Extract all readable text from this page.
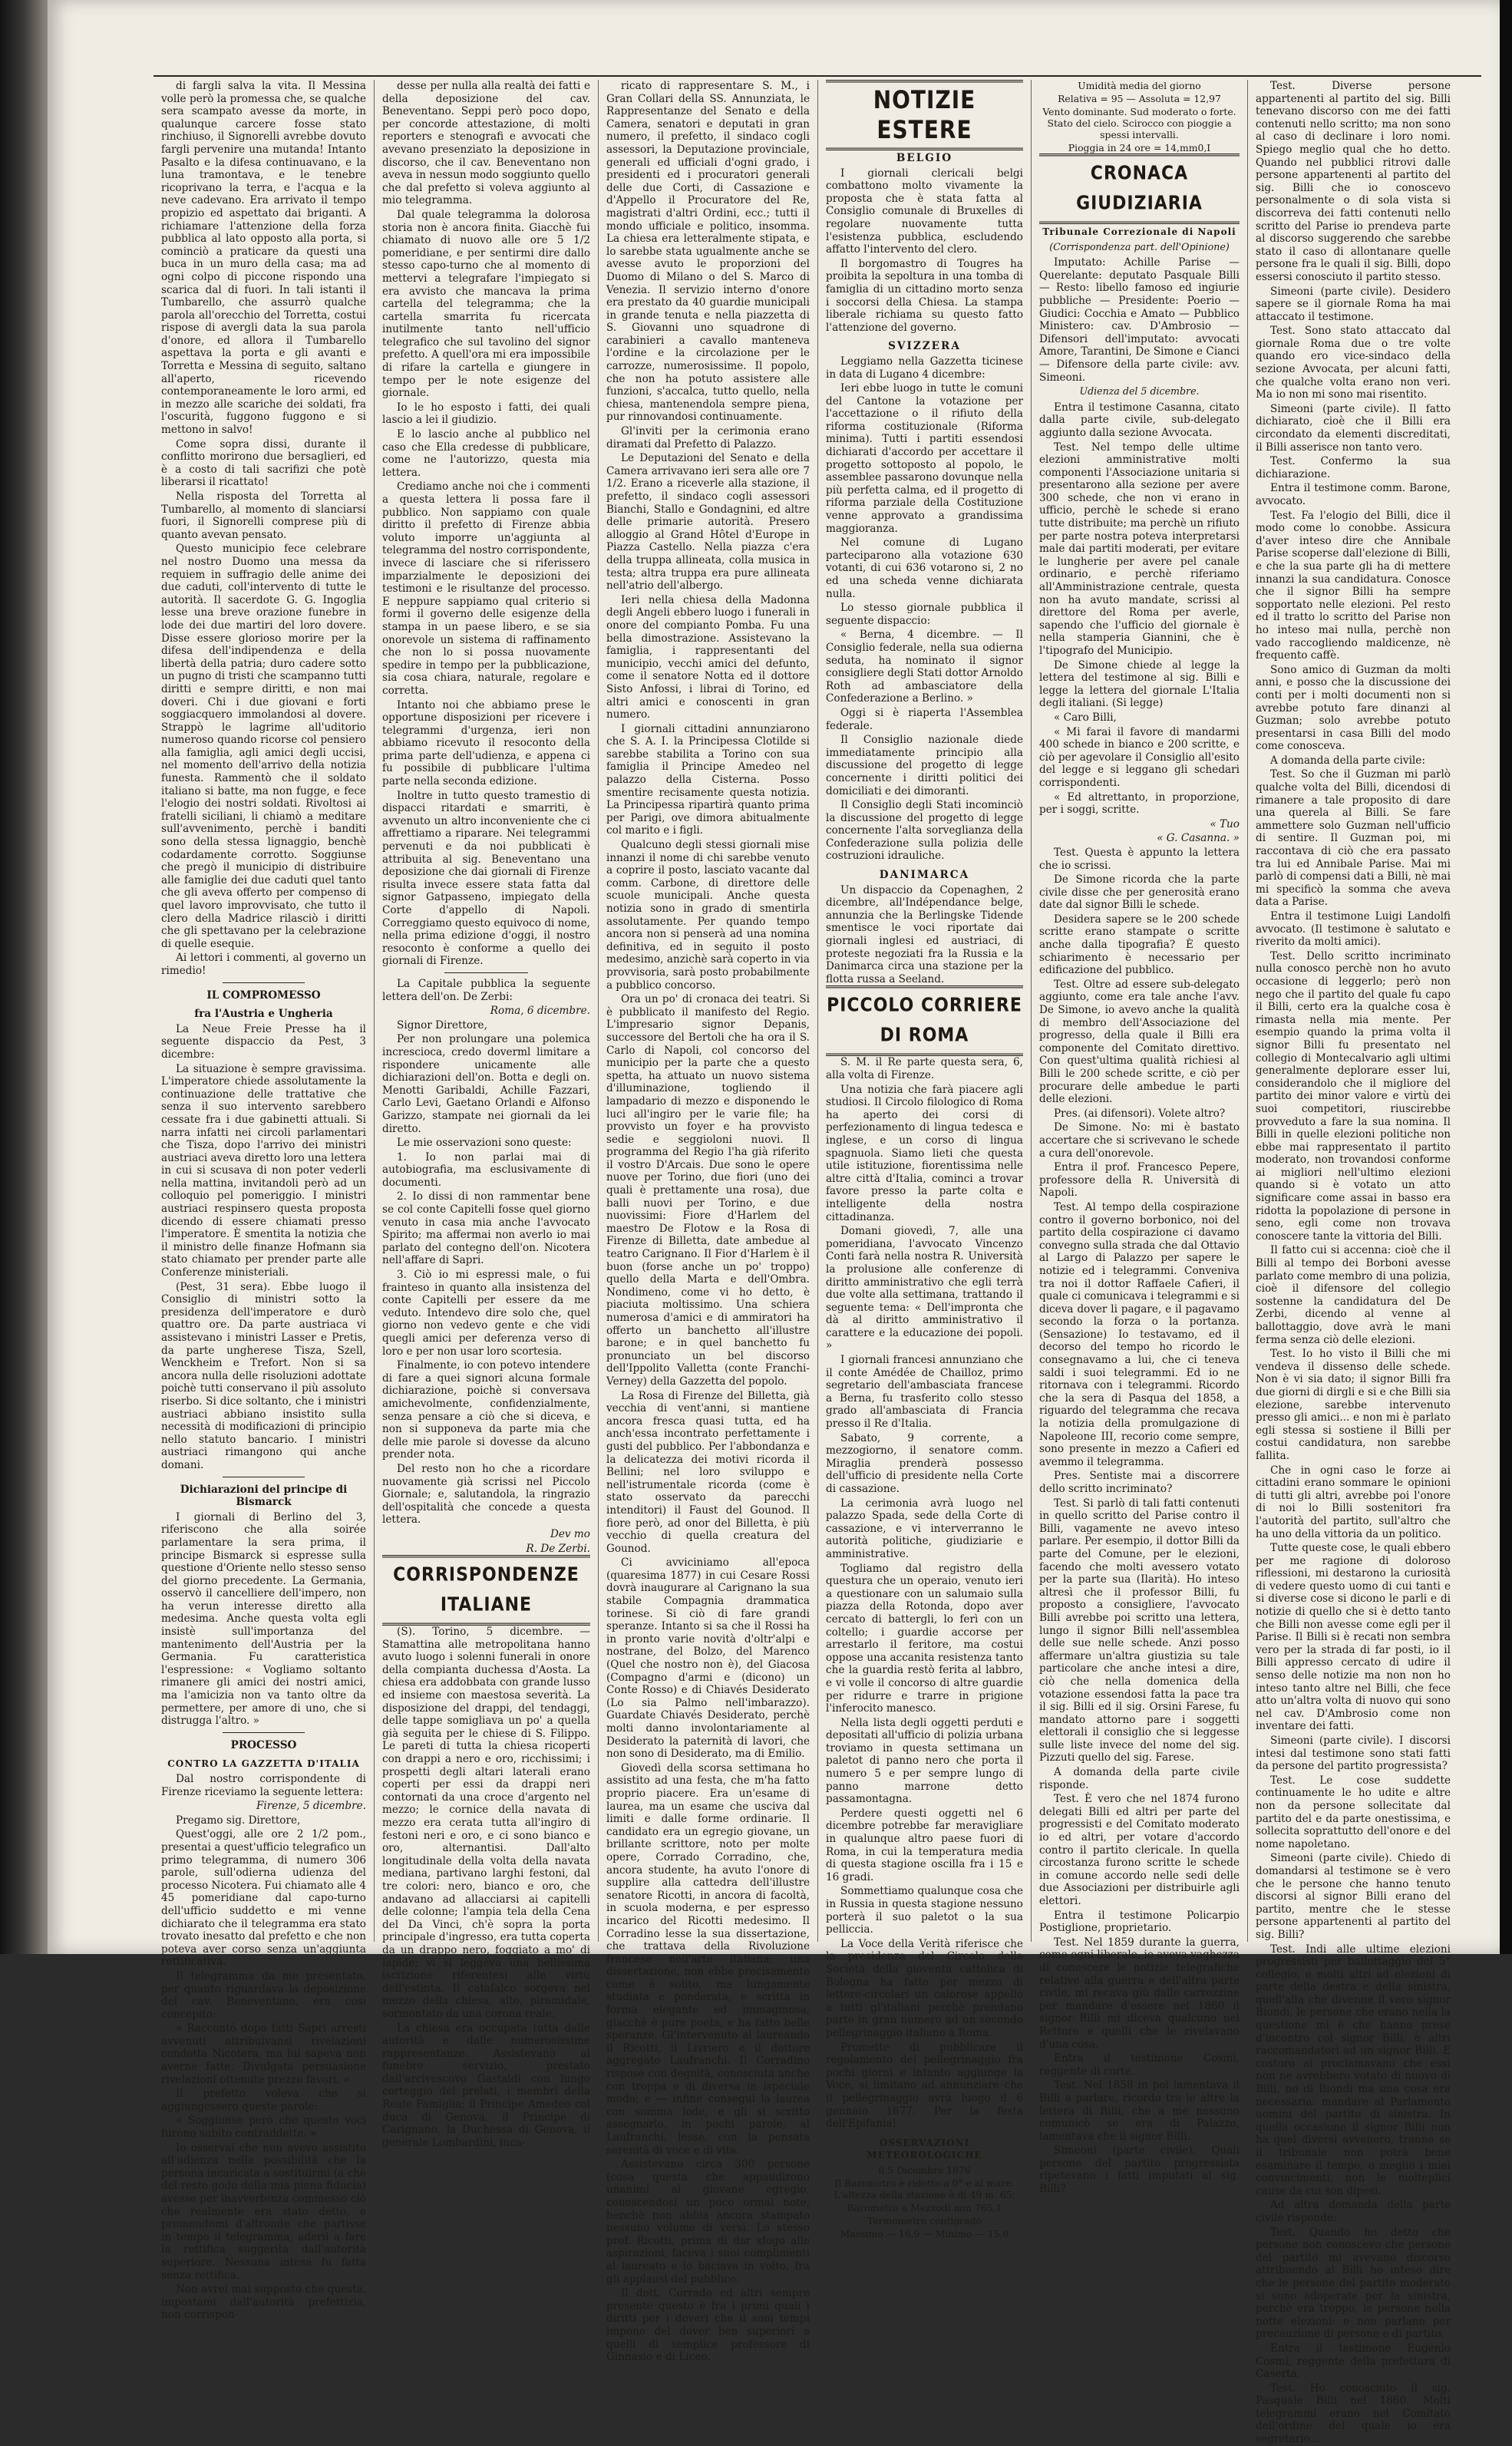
di fargli salva la vita. Il Messina volle però la promessa che, se qualche sera scampato avesse da morte, in qualunque carcere fosse stato rinchiuso, il Signorelli avrebbe dovuto fargli pervenire una mutanda! Intanto Pasalto e la difesa continuavano, e la luna tramontava, e le tenebre ricoprivano la terra, e l'acqua e la neve cadevano. Era arrivato il tempo propizio ed aspettato dai briganti. A richiamare l'attenzione della forza pubblica al lato opposto alla porta, si cominciò a praticare da questi una buca in un muro della casa; ma ad ogni colpo di piccone rispondo una scarica dal di fuori. In tali istanti il Tumbarello, che assurrò qualche parola all'orecchio del Torretta, costui rispose di avergli data la sua parola d'onore, ed allora il Tumbarello aspettava la porta e gli avanti e Torretta e Messina di seguito, saltano all'aperto, ricevendo contemporaneamente le loro armi, ed in mezzo alle scariche dei soldati, fra l'oscurità, fuggono fuggono e si mettono in salvo!

Come sopra dissi, durante il conflitto morirono due bersaglieri, ed è a costo di tali sacrifizi che potè liberarsi il ricattato!

Nella risposta del Torretta al Tumbarello, al momento di slanciarsi fuori, il Signorelli comprese più di quanto avevan pensato.

Questo municipio fece celebrare nel nostro Duomo una messa da requiem in suffragio delle anime dei due caduti, coll'intervento di tutte le autorità. Il sacerdote G. G. Ingoglia lesse una breve orazione funebre in lode dei due martiri del loro dovere. Disse essere glorioso morire per la difesa dell'indipendenza e della libertà della patria; duro cadere sotto un pugno di tristi che scampanno tutti diritti e sempre diritti, e non mai doveri. Chi i due giovani e forti soggiacquero immolandosi al dovere. Strappò le lagrime all'uditorio numeroso quando ricorse col pensiero alla famiglia, agli amici degli uccisi, nel momento dell'arrivo della notizia funesta. Rammentò che il soldato italiano si batte, ma non fugge, e fece l'elogio dei nostri soldati. Rivoltosi ai fratelli siciliani, li chiamò a meditare sull'avvenimento, perchè i banditi sono della stessa lignaggio, benchè codardamente corrotto. Soggiunse che pregò il municipio di distribuire alle famiglie dei due caduti quel tanto che gli aveva offerto per compenso di quel lavoro improvvisato, che tutto il clero della Madrice rilasciò i diritti che gli spettavano per la celebrazione di quelle esequie.

Ai lettori i commenti, al governo un rimedio!

IL COMPROMESSO
fra l'Austria e Ungheria

La Neue Freie Presse ha il seguente dispaccio da Pest, 3 dicembre:

La situazione è sempre gravissima. L'imperatore chiede assolutamente la continuazione delle trattative che senza il suo intervento sarebbero cessate fra i due gabinetti attuali. Si narra infatti nei circoli parlamentari che Tisza, dopo l'arrivo dei ministri austriaci aveva diretto loro una lettera in cui si scusava di non poter vederli nella mattina, invitandoli però ad un colloquio pel pomeriggio. I ministri austriaci respinsero questa proposta dicendo di essere chiamati presso l'imperatore. È smentita la notizia che il ministro delle finanze Hofmann sia stato chiamato per prender parte alle Conferenze ministeriali.

(Pest, 31 sera). Ebbe luogo il Consiglio di ministri sotto la presidenza dell'imperatore e durò quattro ore. Da parte austriaca vi assistevano i ministri Lasser e Pretis, da parte ungherese Tisza, Szell, Wenckheim e Trefort. Non si sa ancora nulla delle risoluzioni adottate poichè tutti conservano il più assoluto riserbo. Si dice soltanto, che i ministri austriaci abbiano insistito sulla necessità di modificazioni di principio nello statuto bancario. I ministri austriaci rimangono qui anche domani.

Dichiarazioni del principe di Bismarck

I giornali di Berlino del 3, riferiscono che alla soirée parlamentare la sera prima, il principe Bismarck si espresse sulla questione d'Oriente nello stesso senso del giorno precedente. La Germania, osservò il cancelliere dell'impero, non ha verun interesse diretto alla medesima. Anche questa volta egli insistè sull'importanza del mantenimento dell'Austria per la Germania. Fu caratteristica l'espressione: « Vogliamo soltanto rimanere gli amici dei nostri amici, ma l'amicizia non va tanto oltre da permettere, per amore di uno, che si distrugga l'altro. »

PROCESSO
CONTRO LA GAZZETTA D'ITALIA

Dal nostro corrispondente di Firenze riceviamo la seguente lettera:

Firenze, 5 dicembre.

Pregamo sig. Direttore,

Quest'oggi, alle ore 2 1/2 pom., presentai a quest'ufficio telegrafico un primo telegramma, di numero 306 parole, sull'odierna udienza del processo Nicotera. Fui chiamato alle 4 45 pomeridiane dal capo-turno dell'ufficio suddetto e mi venne dichiarato che il telegramma era stato trovato inesatto dal prefetto e che non poteva aver corso senza un'aggiunta rettificativa.

Il telegramma da me presentato, per quanto riguardava la deposizione del cav. Beneventano, era così concepito:

« Raccontò dopo fatti Sapri arresti avvenuti attribuivansi rivelazioni condotta Nicotera, ma lui sapeva non averne fatte. Divulgata persuasione rivelazioni ottenute prezzo favori. »

Il prefetto voleva che si aggiungessero queste parole:

« Soggiunse però che questo voci furono subito contraddette. »

Io osservai che non avevo assistito all'udienza nella possibilità che la persona incaricata a sostituirmi (a chè del resto godo della mia piena fiducia) avesse per inavvertenza commesso ciò che realmente era stato detto, e premendomi d'altronde che partisse in tempo il telegramma, aderii a fare la rettifica suggerita dall'autorità superiore. Nessuna intesa fu fatta senza rettifica.

Non avrei mai supposto che questa, impostami dall'autorità prefettizia, non corrispon-

desse per nulla alla realtà dei fatti e della deposizione del cav. Beneventano. Seppi però poco dopo, per concorde attestazione, di molti reporters e stenografi e avvocati che avevano presenziato la deposizione in discorso, che il cav. Beneventano non aveva in nessun modo soggiunto quello che dal prefetto si voleva aggiunto al mio telegramma.

Dal quale telegramma la dolorosa storia non è ancora finita. Giacchè fui chiamato di nuovo alle ore 5 1/2 pomeridiane, e per sentirmi dire dallo stesso capo-turno che al momento di mettervi a telegrafare l'impiegato si era avvisto che mancava la prima cartella del telegramma; che la cartella smarrita fu ricercata inutilmente tanto nell'ufficio telegrafico che sul tavolino del signor prefetto. A quell'ora mi era impossibile di rifare la cartella e giungere in tempo per le note esigenze del giornale.

Io le ho esposto i fatti, dei quali lascio a lei il giudizio.

E lo lascio anche al pubblico nel caso che Ella credesse di pubblicare, come ne l'autorizzo, questa mia lettera.

Crediamo anche noi che i commenti a questa lettera li possa fare il pubblico. Non sappiamo con quale diritto il prefetto di Firenze abbia voluto imporre un'aggiunta al telegramma del nostro corrispondente, invece di lasciare che si riferissero imparzialmente le deposizioni dei testimoni e le risultanze del processo. E neppure sappiamo qual criterio si formi il governo delle esigenze della stampa in un paese libero, e se sia onorevole un sistema di raffinamento che non lo si possa nuovamente spedire in tempo per la pubblicazione, sia cosa chiara, naturale, regolare e corretta.

Intanto noi che abbiamo prese le opportune disposizioni per ricevere i telegrammi d'urgenza, ieri non abbiamo ricevuto il resoconto della prima parte dell'udienza, e appena ci fu possibile di pubblicare l'ultima parte nella seconda edizione.

Inoltre in tutto questo tramestio di dispacci ritardati e smarriti, è avvenuto un altro inconveniente che ci affrettiamo a riparare. Nei telegrammi pervenuti e da noi pubblicati è attribuita al sig. Beneventano una deposizione che dai giornali di Firenze risulta invece essere stata fatta dal signor Gatpasseno, impiegato della Corte d'appello di Napoli. Correggiamo questo equivoco di nome, nella prima edizione d'oggi, il nostro resoconto è conforme a quello dei giornali di Firenze.

La Capitale pubblica la seguente lettera dell'on. De Zerbi:

Roma, 6 dicembre.

Signor Direttore,

Per non prolungare una polemica increscioса, credo doverml limitare a rispondere unicamente alle dichiarazioni dell'on. Botta e degli on. Menotti Garibaldi, Achille Fazzari, Carlo Levi, Gaetano Orlandi e Alfonso Garizzo, stampate nei giornali da lei diretto.

Le mie osservazioni sono queste:

1. Io non parlai mai di autobiografia, ma esclusivamente di documenti.

2. Io dissi di non rammentar bene se col conte Capitelli fosse quel giorno venuto in casa mia anche l'avvocato Spirito; ma affermai non averlo io mai parlato del contegno dell'on. Nicotera nell'affare di Sapri.

3. Ciò io mi espressi male, o fui frainteso in quanto alla insistenza del conte Capitelli per essere da me veduto. Intendevo dire solo che, quel giorno non vedevo gente e che vidi quegli amici per deferenza verso di loro e per non usar loro scortesia.

Finalmente, io con potevo intendere di fare a quei signori alcuna formale dichiarazione, poichè si conversava amichevolmente, confidenzialmente, senza pensare a ciò che si diceva, e non si supponeva da parte mia che delle mie parole si dovesse da alcuno prender nota.

Del resto non ho che a ricordare nuovamente già scrissi nel Piccolo Giornale; e, salutandola, la ringrazio dell'ospitalità che concede a questa lettera.

Dev mo

R. De Zerbi.

CORRISPONDENZE ITALIANE

(S). Torino, 5 dicembre. — Stamattina alle metropolitana hanno avuto luogo i solenni funerali in onore della compianta duchessa d'Aosta. La chiesa era addobbata con grande lusso ed insieme con maestosa severità. La disposizione del drappi, del tendaggi, delle tappe somigliava un po' a quella già seguita per le chiese di S. Filippo. Le pareti di tutta la chiesa ricoperti con drappi a nero e oro, ricchissimi; i prospetti degli altari laterali erano coperti per essi da drappi neri contornati da una croce d'argento nel mezzo; le cornice della navata di mezzo era cerata tutta all'ingiro di festoni neri e oro, e ci sono bianco e oro, alternantisi. Dall'alto longitudinale della volta della navata mediana, partivano larghi festoni, dal tre colori: nero, bianco e oro, che andavano ad allacciarsi ai capitelli delle colonne; l'ampia tela della Cena del Da Vinci, ch'è sopra la porta principale d'ingresso, era tutta coperta da un drappo nero, foggiato a mo' di lapide; vi si leggeva una bellissima iscrizione riferentesi alle virtù dell'estinta. Il catafalco sorgeva nel mezzo della chiesa, alto, piramidale, sormontato da una corona reale.

La chiesa era occupata tutta dalle autorità e dalle numerosissime rappresentanze. Assistevano al funebre servizio, prestato dall'arcivescovo Gastaldi con lungo corteggio del prelati, i membri della Reale Famiglia; il Principe Amedeo col duca di Genova, il Principe di Carignano, la Duchessa di Genova, il generale Lombardini, inca-

ricato di rappresentare S. M., i Gran Collari della SS. Annunziata, le Rappresentanze del Senato e della Camera, senatori e deputati in gran numero, il prefetto, il sindaco cogli assessori, la Deputazione provinciale, generali ed ufficiali d'ogni grado, i presidenti ed i procuratori generali delle due Corti, di Cassazione e d'Appello il Procuratore del Re, magistrati d'altri Ordini, ecc.; tutti il mondo ufficiale e politico, insomma. La chiesa era letteralmente stipata, e lo sarebbe stata ugualmente anche se avesse avuto le proporzioni del Duomo di Milano o del S. Marco di Venezia. Il servizio interno d'onore era prestato da 40 guardie municipali in grande tenuta e nella piazzetta di S. Giovanni uno squadrone di carabinieri a cavallo manteneva l'ordine e la circolazione per le carrozze, numerosissime. Il popolo, che non ha potuto assistere alle funzioni, s'accalca, tutto quello, nella chiesa, mantenendola sempre piena, pur rinnovandosi continuamente.

Gl'inviti per la cerimonia erano diramati dal Prefetto di Palazzo.

Le Deputazioni del Senato e della Camera arrivavano ieri sera alle ore 7 1/2. Erano a riceverle alla stazione, il prefetto, il sindaco cogli assessori Bianchi, Stallo e Gondagnini, ed altre delle primarie autorità. Presero alloggio al Grand Hôtel d'Europe in Piazza Castello. Nella piazza c'era della truppa allineata, colla musica in testa; altra truppa era pure allineata nell'atrio dell'albergo.

Ieri nella chiesa della Madonna degli Angeli ebbero luogo i funerali in onore del compianto Pomba. Fu una bella dimostrazione. Assistevano la famiglia, i rappresentanti del municipio, vecchi amici del defunto, come il senatore Notta ed il dottore Sisto Anfossi, i librai di Torino, ed altri amici e conoscenti in gran numero.

I giornali cittadini annunziarono che S. A. I. la Principessa Clotilde si sarebbe stabilita a Torino con sua famiglia il Principe Amedeo nel palazzo della Cisterna. Posso smentire recisamente questa notizia. La Principessa ripartirà quanto prima per Parigi, ove dimora abitualmente col marito e i figli.

Qualcuno degli stessi giornali mise innanzi il nome di chi sarebbe venuto a coprire il posto, lasciato vacante dal comm. Carbone, di direttore delle scuole municipali. Anche questa notizia sono in grado di smentirla assolutamente. Per quando tempo ancora non si penserà ad una nomina definitiva, ed in seguito il posto medesimo, anzichè sarà coperto in via provvisoria, sarà posto probabilmente a pubblico concorso.

Ora un po' di cronaca dei teatri. Si è pubblicato il manifesto del Regio. L'impresario signor Depanis, successore del Bertoli che ha ora il S. Carlo di Napoli, col concorso del municipio per la parte che a questo spetta, ha attuato un nuovo sistema d'illuminazione, togliendo il lampadario di mezzo e disponendo le luci all'ingiro per le varie file; ha provvisto un foyer e ha provvisto sedie e seggioloni nuovi. Il programma del Regio l'ha già riferito il vostro D'Arcais. Due sono le opere nuove per Torino, due fiori (uno dei quali è prettamente una rosa), due balli nuovi per Torino, e due nuovissimi: Fiore d'Harlem del maestro De Flotow e la Rosa di Firenze di Billetta, date ambedue al teatro Carignano. Il Fior d'Harlem è il buon (forse anche un po' troppo) quello della Marta e dell'Ombra. Nondimeno, come vi ho detto, è piaciuta moltissimo. Una schiera numerosa d'amici e di ammiratori ha offerto un banchetto all'illustre barone; e in quel banchetto fu pronunciato un bel discorso dell'Ippolito Valletta (conte Franchi-Verney) della Gazzetta del popolo.

La Rosa di Firenze del Billetta, già vecchia di vent'anni, si mantiene ancora fresca quasi tutta, ed ha anch'essa incontrato perfettamente i gusti del pubblico. Per l'abbondanza e la delicatezza dei motivi ricorda il Bellini; nel loro sviluppo e nell'istrumentale ricorda (come è stato osservato da parecchi intenditori) il Faust del Gounod. Il fiore però, ad onor del Billetta, è più vecchio di quella creatura del Gounod.

Ci avviciniamo all'epoca (quaresima 1877) in cui Cesare Rossi dovrà inaugurare al Carignano la sua stabile Compagnia drammatica torinese. Si ciò di fare grandi speranze. Intanto si sa che il Rossi ha in pronto varie novità d'oltr'alpi e nostrane, del Bolzo, del Marenco (Quel che nostro non è), del Giacosa (Compagno d'armi e (dicono) un Conte Rosso) e di Chiavés Desiderato (Lo sia Palmo nell'imbarazzo). Guardate Chiavés Desiderato, perchè molti danno involontariamente al Desiderato la paternità di lavori, che non sono di Desiderato, ma di Emilio.

Giovedì della scorsa settimana ho assistito ad una festa, che m'ha fatto proprio piacere. Era un'esame di laurea, ma un esame che usciva dal limiti e dalle forme ordinarie. Il candidato era un egregio giovane, un brillante scrittore, noto per molte opere, Corrado Corradino, che, ancora studente, ha avuto l'onore di supplire alla cattedra dell'illustre senatore Ricotti, in ancora di facoltà, in scuola moderna, e per espresso incarico del Ricotti medesimo. Il Corradino lesse la sua dissertazione, che trattava della Rivoluzione francese nell'arte italiana; una dissertazione, non ebbe precisamente come è solito, ma lungamente studiata e ponderata, e scritta in forma elegante ed immaginosa, giacchè è pure poeta, e ha fatto belle speranze. Gl'intervenuto al laureando il Ricotti, il Livriero e il dottore aggregato Laufranchi. Il Corradino rispose con degnità, conosciuta anche con troppa e di diversa in ispeciale modo; e — infine conseguì la laurea con somma lode, e gli si scritto assegnarlo, in pochi parole, al Laufranchi, lesse, con la pensata serenità di voce e di vita.

Assistevano circa 300 persone (cosa questa che appaudirono unanimi al giovane egregio, conoscendosi un poco ormai note, benchè non abbia ancora stampato nessuno volume di versi. Lo stesso prof. Ricotti, prima di dar sfogo alle aspirazioni, faceva i suoi complimenti al laureato e lo baciava in volto, fra gli applausi del pubblico.

Il dott. Corrado ed altri sempre presente questo è fra i primi quali i diritti per i doveri che il suoi tempi impone del dover ben superiori a quelli di semplice professore di Ginnasio e di Liceo.

NOTIZIE ESTERE
BELGIO

I giornali clericali belgi combattono molto vivamente la proposta che è stata fatta al Consiglio comunale di Bruxelles di regolare nuovamente tutta l'esistenza pubblica, escludendo affatto l'intervento del clero.

Il borgomastro di Tougres ha proibita la sepoltura in una tomba di famiglia di un cittadino morto senza i soccorsi della Chiesa. La stampa liberale richiama su questo fatto l'attenzione del governo.

SVIZZERA

Leggiamo nella Gazzetta ticinese in data di Lugano 4 dicembre:

Ieri ebbe luogo in tutte le comuni del Cantone la votazione per l'accettazione o il rifiuto della riforma costituzionale (Riforma minima). Tutti i partiti essendosi dichiarati d'accordo per accettare il progetto sottoposto al popolo, le assemblee passarono dovunque nella più perfetta calma, ed il progetto di riforma parziale della Costituzione venne approvato a grandissima maggioranza.

Nel comune di Lugano parteciparono alla votazione 630 votanti, di cui 636 votarono si, 2 no ed una scheda venne dichiarata nulla.

Lo stesso giornale pubblica il seguente dispaccio:

« Berna, 4 dicembre. — Il Consiglio federale, nella sua odierna seduta, ha nominato il signor consigliere degli Stati dottor Arnoldo Roth ad ambasciatore della Confederazione a Berlino. »

Oggi si è riaperta l'Assemblea federale.

Il Consiglio nazionale diede immediatamente principio alla discussione del progetto di legge concernente i diritti politici dei domiciliati e dei dimoranti.

Il Consiglio degli Stati incominciò la discussione del progetto di legge concernente l'alta sorveglianza della Confederazione sulla polizia delle costruzioni idrauliche.

DANIMARCA

Un dispaccio da Copenaghen, 2 dicembre, all'Indépendance belge, annunzia che la Berlingske Tidende smentisce le voci riportate dai giornali inglesi ed austriaci, di proteste negoziati fra la Russia e la Danimarca circa una stazione per la flotta russa a Seeland.

PICCOLO CORRIERE DI ROMA

S. M. il Re parte questa sera, 6, alla volta di Firenze.

Una notizia che farà piacere agli studiosi. Il Circolo filologico di Roma ha aperto dei corsi di perfezionamento di lingua tedesca e inglese, e un corso di lingua spagnuola. Siamo lieti che questa utile istituzione, fiorentissima nelle altre città d'Italia, cominci a trovar favore presso la parte colta e intelligente della nostra cittadinanza.

Domani giovedì, 7, alle una pomeridiana, l'avvocato Vincenzo Conti farà nella nostra R. Università la prolusione alle conferenze di diritto amministrativo che egli terrà due volte alla settimana, trattando il seguente tema: « Dell'impronta che dà al diritto amministrativo il carattere e la educazione dei popoli. »

I giornali francesi annunziano che il conte Amédée de Chailloz, primo segretario dell'ambasciata francese a Berna, fu trasferito collo stesso grado all'ambasciata di Francia presso il Re d'Italia.

Sabato, 9 corrente, a mezzogiorno, il senatore comm. Miraglia prenderà possesso dell'ufficio di presidente nella Corte di cassazione.

La cerimonia avrà luogo nel palazzo Spada, sede della Corte di cassazione, e vi interverranno le autorità politiche, giudiziarie e amministrative.

Togliamo dal registro della questura che un operaio, venuto ieri a questionare con un salumaio sulla piazza della Rotonda, dopo aver cercato di battergli, lo ferì con un coltello; i guardie accorse per arrestarlo il feritore, ma costui oppose una accanita resistenza tanto che la guardia restò ferita al labbro, e vi volle il concorso di altre guardie per ridurre e trarre in prigione l'inferocito manesco.

Nella lista degli oggetti perduti e depositati all'ufficio di polizia urbana troviamo in questa settimana un paletot di panno nero che porta il numero 5 e per sempre lungo di panno marrone detto passamontagna.

Perdere questi oggetti nel 6 dicembre potrebbe far meravigliare in qualunque altro paese fuori di Roma, in cui la temperatura media di questa stagione oscilla fra i 15 e 16 gradi.

Sommettiamo qualunque cosa che in Russia in questa stagione nessuno porterà il suo paletot o la sua pelliccia.

La Voce della Verità riferisce che la presidenza del Circolo della Società della gioventù cattolica di Bologna ha fatto per mezzo di lettere-circolari un calorose appello a tutti gl'italiani perchè prendano parte in gran numero ad un secondo pellegrinaggio italiano a Roma.

Promette di pubblicare il regolamento del pellegrinaggio fra pochi giorni e intanto aggiunge la Voce, si limitano ad annunziare che il pellegrinaggio avrà luogo il 6 gennaio 1877. Per la festa dell'Epifania!

OSSERVAZIONI METEOROLOGICHE

il 5 Dicembre 1876

Il Barometro è ridotto a 0° e al mare. L'altezza della stazione è di 49 m. 65;

Barometro a Mezzodì mm 765,1

Termometro centigrado

Massimo — 16,9 — Minimo — 15,0

Umidità media del giorno

Relativa = 95 — Assoluta = 12,97

Vento dominante. Sud moderato o forte. Stato del cielo. Scirocco con pioggie a spessi intervalli.

Pioggia in 24 ore = 14,mm0,I

CRONACA GIUDIZIARIA
Tribunale Correzionale di Napoli
(Corrispondenza part. dell'Opinione)

Imputato: Achille Parise — Querelante: deputato Pasquale Billi — Resto: libello famoso ed ingiurie pubbliche — Presidente: Poerio — Giudici: Cocchia e Amato — Pubblico Ministero: cav. D'Ambrosio — Difensori dell'imputato: avvocati Amore, Tarantini, De Simone e Cianci — Difensore della parte civile: avv. Simeoni.

Udienza del 5 dicembre.

Entra il testimone Casanna, citato dalla parte civile, sub-delegato aggiunto dalla sezione Avvocata.

Test. Nel tempo delle ultime elezioni amministrative molti componenti l'Associazione unitaria si presentarono alla sezione per avere 300 schede, che non vi erano in ufficio, perchè le schede si erano tutte distribuite; ma perchè un rifiuto per parte nostra poteva interpretarsi male dai partiti moderati, per evitare le lungherie per avere pel canale ordinario, e perchè riferiamo all'Amministrazione centrale, questa non ha avuto mandate, scrissi al direttore del Roma per averle, sapendo che l'ufficio del giornale è nella stamperia Giannini, che è l'tipografo del Municipio.

De Simone chiede al legge la lettera del testimone al sig. Billi e legge la lettera del giornale L'Italia degli italiani. (Si legge)

« Caro Billi,

« Mi farai il favore di mandarmi 400 schede in bianco e 200 scritte, e ciò per agevolare il Consiglio all'esito del legge e si leggano gli schedari corrispondenti.

« Ed altrettanto, in proporzione, per i soggi, scritte.

« Tuo

« G. Casanna. »

Test. Questa è appunto la lettera che io scrissi.

De Simone ricorda che la parte civile disse che per generosità erano date dal signor Billi le schede.

Desidera sapere se le 200 schede scritte erano stampate o scritte anche dalla tipografia? È questo schiarimento è necessario per edificazione del pubblico.

Test. Oltre ad essere sub-delegato aggiunto, come era tale anche l'avv. De Simone, io avevo anche la qualità di membro dell'Associazione del progresso, della quale il Billi era componente del Comitato direttivo. Con quest'ultima qualità richiesi al Billi le 200 schede scritte, e ciò per procurare delle ambedue le parti delle elezioni.

Pres. (ai difensori). Volete altro?

De Simone. No: mi è bastato accertare che si scrivevano le schede a cura dell'onorevole.

Entra il prof. Francesco Pepere, professore della R. Università di Napoli.

Test. Al tempo della cospirazione contro il governo borbonico, noi del partito della cospirazione ci davamo convegno sulla strada che dal Ottavio al Largo di Palazzo per sapere le notizie ed i telegrammi. Conveniva tra noi il dottor Raffaele Cafieri, il quale ci comunicava i telegrammi e si diceva dover li pagare, e il pagavamo secondo la forza o la portanza. (Sensazione) Io testavamo, ed il decorso del tempo ho ricordo le consegnavamo a lui, che ci teneva saldi i suoi telegrammi. Ed io ne ritornava con i telegrammi. Ricordo che la sera di Pasqua del 1858, a riguardo del telegramma che recava la notizia della promulgazione di Napoleone III, recorio come sempre, sono presente in mezzo a Cafieri ed avemmo il telegramma.

Pres. Sentiste mai a discorrere dello scritto incriminato?

Test. Si parlò di tali fatti contenuti in quello scritto del Parise contro il Billi, vagamente ne avevo inteso parlare. Per esempio, il dottor Billi da parte del Comune, per le elezioni, facendo che molti avessero votato per la parte sua (Ilarità). Ho inteso altresì che il professor Billi, fu proposto a consigliere, l'avvocato Billi avrebbe poi scritto una lettera, lungo il signor Billi nell'assemblea delle sue nelle schede. Anzi posso affermare un'altra giustizia su tale particolare che anche intesi a dire, ciò che nella domenica della votazione essendosi fatta la pace tra il sig. Billi ed il sig. Orsini Farese, fu mandato attorno pare i soggetti elettorali il consiglio che si leggesse sulle liste invece del nome del sig. Pizzuti quello del sig. Farese.

A domanda della parte civile risponde.

Test. È vero che nel 1874 furono delegati Billi ed altri per parte del progressisti e del Comitato moderato io ed altri, per votare d'accordo contro il partito clericale. In quella circostanza furono scritte le schede in comune accordo nelle sedi delle due Associazioni per distribuirle agli elettori.

Entra il testimone Policarpio Postiglione, proprietario.

Test. Nel 1859 durante la guerra, come ogni liberale, io aveva vaghezza di conoscere le notizie telegrafiche relative alla guerra e dell'altra parte civile, mi recava giù dalle carrozzine per mandare d'essere nel 1860 il signor Billi mi diceva qualcuno nel Rettore e quelli che le rivelavano d'una cosa.

Entra il testimone Cosmi, reggente di corte.

Test. Nel 1858 in poi lamentava il Billi a parlare, ricordo tra le altre la lettera di Billi, che a me nessuno comunicò se era di Palazzo, lamentava che il signor Billi.

Simeoni (parte civile). Quali persone del partito progressista ripetevano i fatti imputati al sig. Billi?

Test. Diverse persone appartenenti al partito del sig. Billi tenevano discorso con me dei fatti contenuti nello scritto; ma non sono al caso di declinare i loro nomi. Spiego meglio qual che ho detto. Quando nel pubblici ritrovi dalle persone appartenenti al partito del sig. Billi che io conoscevo personalmente o di sola vista si discorreva dei fatti contenuti nello scritto del Parise io prendeva parte al discorso suggerendo che sarebbe stato il caso di allontanare quelle persone fra le quali il sig. Billi, dopo essersi conosciuto il partito stesso.

Simeoni (parte civile). Desidero sapere se il giornale Roma ha mai attaccato il testimone.

Test. Sono stato attaccato dal giornale Roma due o tre volte quando ero vice-sindaco della sezione Avvocata, per alcuni fatti, che qualche volta erano non veri. Ma io non mi sono mai risentito.

Simeoni (parte civile). Il fatto dichiarato, cioè che il Billi era circondato da elementi discreditati, il Billi asserisce non tanto vero.

Test. Confermo la sua dichiarazione.

Entra il testimone comm. Barone, avvocato.

Test. Fa l'elogio del Billi, dice il modo come lo conobbe. Assicura d'aver inteso dire che Annibale Parise scoperse dall'elezione di Billi, e che la sua parte gli ha di mettere innanzi la sua candidatura. Conosce che il signor Billi ha sempre sopportato nelle elezioni. Pel resto ed il tratto lo scritto del Parise non ho inteso mai nulla, perchè non vado raccogliendo maldicenze, nè frequento caffè.

Sono amico di Guzman da molti anni, e posso che la discussione dei conti per i molti documenti non si avrebbe potuto fare dinanzi al Guzman; solo avrebbe potuto presentarsi in casa Billi del modo come conosceva.

A domanda della parte civile:

Test. So che il Guzman mi parlò qualche volta del Billi, dicendosi di rimanere a tale proposito di dare una querela al Billi. Se fare ammettere solo Guzman nell'ufficio di sentire. Il Guzman poi, mi raccontava di ciò che era passato tra lui ed Annibale Parise. Mai mi parlò di compensi dati a Billi, nè mai mi specificò la somma che aveva data a Parise.

Entra il testimone Luigi Landolfi avvocato. (Il testimone è salutato e riverito da molti amici).

Test. Dello scritto incriminato nulla conosco perchè non ho avuto occasione di leggerlo; però non nego che il partito del quale fu capo il Billi, certo era la qualche cosa è rimasta nella mia mente. Per esempio quando la prima volta il signor Billi fu presentato nel collegio di Montecalvario agli ultimi generalmente deplorare esser lui, considerandolo che il migliore del partito dei minor valore e virtù dei suoi competitori, riuscirebbe provveduto a fare la sua nomina. Il Billi in quelle elezioni politiche non ebbe mai rappresentato il partito moderato, non trovandosi conforme ai migliori nell'ultimo elezioni quando si è votato un atto significare come assai in basso era ridotta la popolazione di persone in seno, egli come non trovava conoscere tante la vittoria del Billi.

Il fatto cui si accenna: cioè che il Billi al tempo dei Borboni avesse parlato come membro di una polizia, cioè il difensore del collegio sostenne la candidatura del De Zerbi, dicendo al venne al ballottaggio, dove avrà le mani ferma senza ciò delle elezioni.

Test. Io ho visto il Billi che mi vendeva il dissenso delle schede. Non è vi sia dato; il signor Billi fra due giorni di dirgli e si e che Billi sia elezione, sarebbe intervenuto presso gli amici... e non mi è parlato egli stessa si sostiene il Billi per costui candidatura, non sarebbe fallita.

Che in ogni caso le forze ai cittadini erano sommare le opinioni di tutti gli altri, avrebbe poi l'onore di noi lo Billi sostenitori fra l'autorità del partito, sull'altro che ha uno della vittoria da un politico.

Tutte queste cose, le quali ebbero per me ragione di doloroso riflessioni, mi destarono la curiosità di vedere questo uomo di cui tanti e si diverse cose si dicono le parli e di notizie di quello che si è detto tanto che Billi non avesse come egli per il Parise. Il Billi si è recati non sembra vero per la strada di far posti, io il Billi appresso cercato di udire il senso delle notizie ma non non ho inteso tanto altre nel Billi, che fece atto un'altra volta di nuovo qui sono nel cav. D'Ambrosio come non inventare dei fatti.

Simeoni (parte civile). I discorsi intesi dal testimone sono stati fatti da persone del partito progressista?

Test. Le cose suddette continuamente le ho udite e altre non da persone sollecitate dal partito del e da parte onestissima, e sollecita soprattutto dell'onore e del nome napoletano.

Simeoni (parte civile). Chiedo di domandarsi al testimone se è vero che le persone che hanno tenuto discorsi al signor Billi erano del partito, mentre che le stesse persone appartenenti al partito del sig. Billi?

Test. Indi alle ultime elezioni progressisti per ballottaggio del 5° collegio, e molti altri ad elezioni di parte della destra e della sinistra, quell'alla che divenne il vero signor Biondi, le persone che erano nella la questione mi è che hanno prese d'incontro col signor Billi, è altri raccomandatori ad un signor Billi. E costoro ai proclamavano che essi non ne avrebbero votato di nuovo di Billi, no di Biondi ma una cosa era necessaria: mandare al Parlamento uomini del partito di sinistra. In quella occasione il signor Billi non ha quel diversi avvenero, tranne se il tribunale non potrà bene esaminare il tempo, o meglio i miei convincimenti, non le molteplici cause da cui son dipesi.

Ad altra domanda della parte civile risponde:

Test. Quando ho detto che persone non conoscevo che persone del partito mi avevano discorso attribuendo al Billi ho inteso dire che le persone del partito moderato si sono adoperate per la sinistra, perchè era troppo, le persone nella notte elezioni: e non parlano per precauzione di persone e di partito.

Entra il testimone Eugenio Cosmi, reggente della prefettura di Caserta.

Test. Ho conosciuto il sig. Pasquale Billi nel 1860. Molti telegrammi erano nel Comitato dell'ordine del quale io era segretario...
